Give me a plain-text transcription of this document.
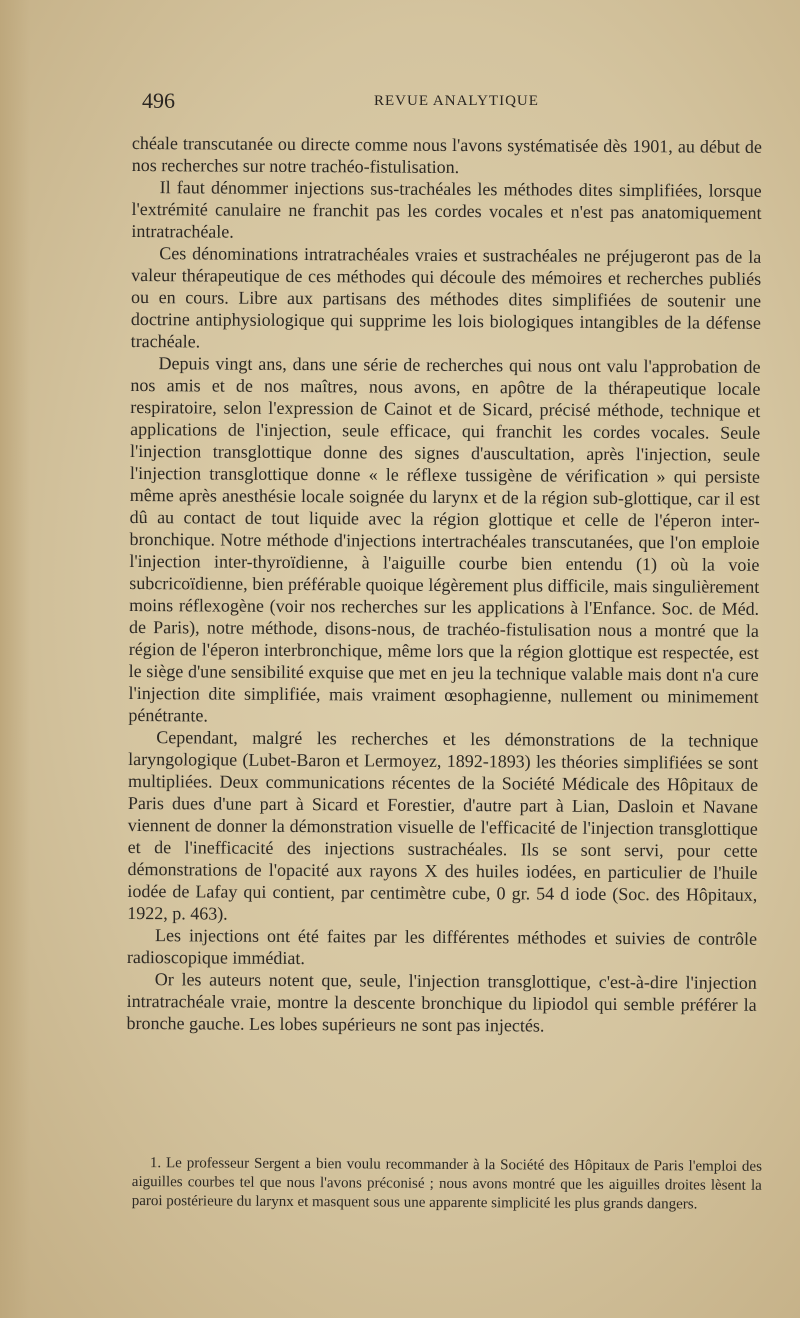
496	REVUE ANALYTIQUE

chéale transcutanée ou directe comme nous l'avons systématisée dès 1901, au début de nos recherches sur notre trachéo-fistulisation.

Il faut dénommer injections sus-trachéales les méthodes dites simplifiées, lorsque l'extrémité canulaire ne franchit pas les cordes vocales et n'est pas anatomiquement intratrachéale.

Ces dénominations intratrachéales vraies et sustrachéales ne préjugeront pas de la valeur thérapeutique de ces méthodes qui découle des mémoires et recherches publiés ou en cours. Libre aux partisans des méthodes dites simplifiées de soutenir une doctrine antiphysiologique qui supprime les lois biologiques intangibles de la défense trachéale.

Depuis vingt ans, dans une série de recherches qui nous ont valu l'approbation de nos amis et de nos maîtres, nous avons, en apôtre de la thérapeutique locale respiratoire, selon l'expression de Cainot et de Sicard, précisé méthode, technique et applications de l'injection, seule efficace, qui franchit les cordes vocales. Seule l'injection transglottique donne des signes d'auscultation, après l'injection, seule l'injection transglottique donne « le réflexe tussigène de vérification » qui persiste même après anesthésie locale soignée du larynx et de la région sub-glottique, car il est dû au contact de tout liquide avec la région glottique et celle de l'éperon inter-bronchique. Notre méthode d'injections intertrachéales transcutanées, que l'on emploie l'injection inter-thyroïdienne, à l'aiguille courbe bien entendu (1) où la voie subcricoïdienne, bien préférable quoique légèrement plus difficile, mais singulièrement moins réflexogène (voir nos recherches sur les applications à l'Enfance. Soc. de Méd. de Paris), notre méthode, disons-nous, de trachéo-fistulisation nous a montré que la région de l'éperon interbronchique, même lors que la région glottique est respectée, est le siège d'une sensibilité exquise que met en jeu la technique valable mais dont n'a cure l'injection dite simplifiée, mais vraiment œsophagienne, nullement ou minimement pénétrante.

Cependant, malgré les recherches et les démonstrations de la technique laryngologique (Lubet-Baron et Lermoyez, 1892-1893) les théories simplifiées se sont multipliées. Deux communications récentes de la Société Médicale des Hôpitaux de Paris dues d'une part à Sicard et Forestier, d'autre part à Lian, Dasloin et Navane viennent de donner la démonstration visuelle de l'efficacité de l'injection transglottique et de l'inefficacité des injections sustrachéales. Ils se sont servi, pour cette démonstrations de l'opacité aux rayons X des huiles iodées, en particulier de l'huile iodée de Lafay qui contient, par centimètre cube, 0 gr. 54 d iode (Soc. des Hôpitaux, 1922, p. 463).

Les injections ont été faites par les différentes méthodes et suivies de contrôle radioscopique immédiat.

Or les auteurs notent que, seule, l'injection transglottique, c'est-à-dire l'injection intratrachéale vraie, montre la descente bronchique du lipiodol qui semble préférer la bronche gauche. Les lobes supérieurs ne sont pas injectés.

1. Le professeur Sergent a bien voulu recommander à la Société des Hôpitaux de Paris l'emploi des aiguilles courbes tel que nous l'avons préconisé ; nous avons montré que les aiguilles droites lèsent la paroi postérieure du larynx et masquent sous une apparente simplicité les plus grands dangers.
